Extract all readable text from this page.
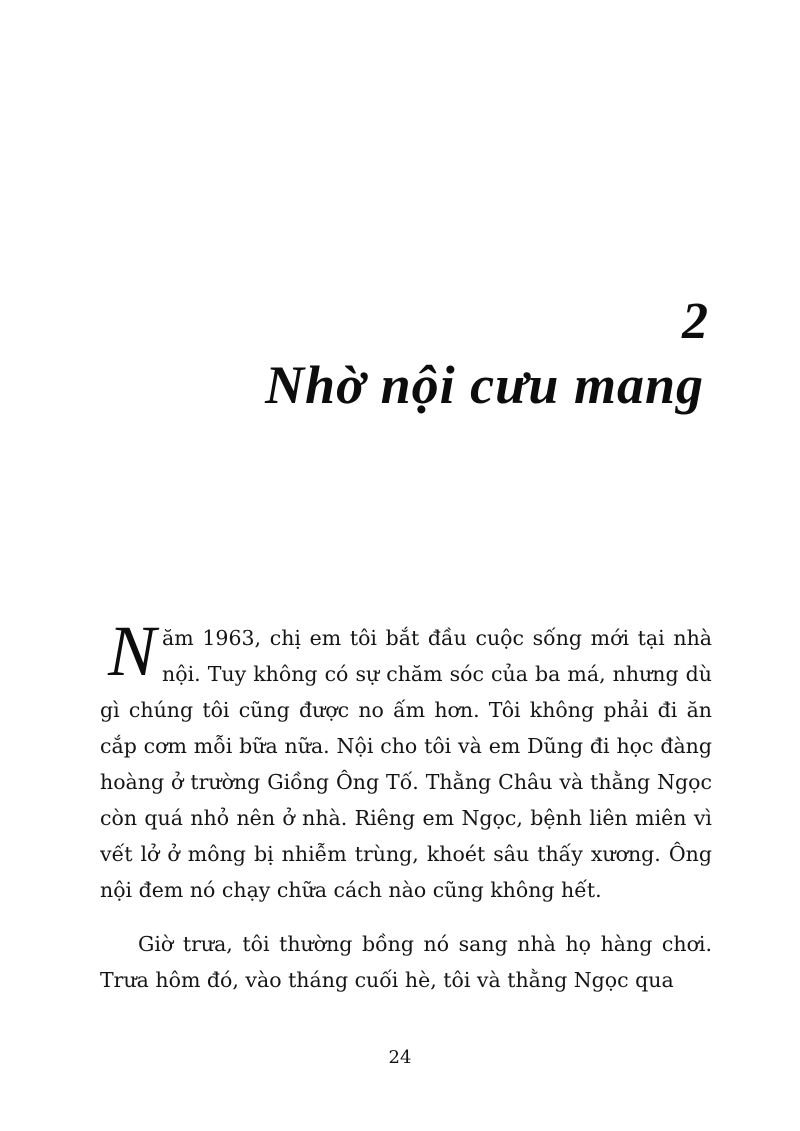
2
Nhờ nội cưu mang

Năm 1963, chị em tôi bắt đầu cuộc sống mới tại nhà nội. Tuy không có sự chăm sóc của ba má, nhưng dù gì chúng tôi cũng được no ấm hơn. Tôi không phải đi ăn cắp cơm mỗi bữa nữa. Nội cho tôi và em Dũng đi học đàng hoàng ở trường Giồng Ông Tố. Thằng Châu và thằng Ngọc còn quá nhỏ nên ở nhà. Riêng em Ngọc, bệnh liên miên vì vết lở ở mông bị nhiễm trùng, khoét sâu thấy xương. Ông nội đem nó chạy chữa cách nào cũng không hết.

Giờ trưa, tôi thường bồng nó sang nhà họ hàng chơi. Trưa hôm đó, vào tháng cuối hè, tôi và thằng Ngọc qua

24
